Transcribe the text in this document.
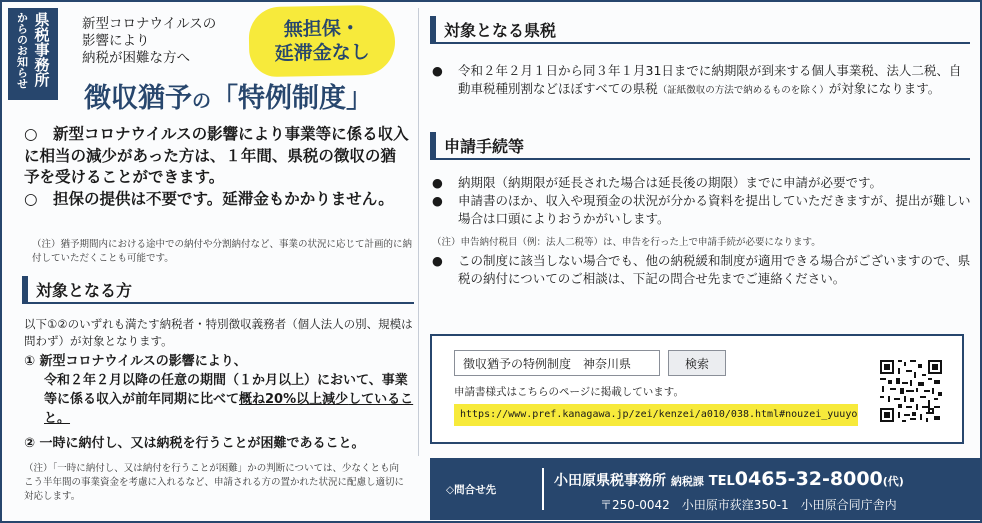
県税事務所
からのお知らせ	新型コロナウイルスの
影響により
納税が困難な方へ
無担保・
延滞金なし
徴収猶予の「特例制度」

○　新型コロナウイルスの影響により事業等に係る収入に相当の減少があった方は、１年間、県税の徴収の猶予を受けることができます。

○　担保の提供は不要です。延滞金もかかりません。

（注）猶予期間内における途中での納付や分割納付など、事業の状況に応じて計画的に納付していただくことも可能です。
対象となる方
以下①②のいずれも満たす納税者・特別徴収義務者（個人法人の別、規模は問わず）が対象となります。
① 新型コロナウイルスの影響により、
令和２年２月以降の任意の期間（１か月以上）において、事業等に係る収入が前年同期に比べて概ね20%以上減少していること。
② 一時に納付し、又は納税を行うことが困難であること。
（注）「一時に納付し、又は納付を行うことが困難」かの判断については、少なくとも向こう半年間の事業資金を考慮に入れるなど、申請される方の置かれた状況に配慮し適切に対応します。
対象となる県税
●	令和２年２月１日から同３年１月31日までに納期限が到来する個人事業税、法人二税、自動車税種別割などほぼすべての県税（証紙徴収の方法で納めるものを除く）が対象になります。
申請手続等
●	納期限（納期限が延長された場合は延長後の期限）までに申請が必要です。
●	申請書のほか、収入や現預金の状況が分かる資料を提出していただきますが、提出が難しい場合は口頭によりおうかがいします。
（注）申告納付税目（例：法人二税等）は、申告を行った上で申請手続が必要になります。
●	この制度に該当しない場合でも、他の納税緩和制度が適用できる場合がございますので、県税の納付についてのご相談は、下記の問合せ先までご連絡ください。
徴収猶予の特例制度　神奈川県
検索
申請書様式はこちらのページに掲載しています。
https://www.pref.kanagawa.jp/zei/kenzei/a010/038.html#nouzei_yuuyo
◇問合せ先
小田原県税事務所 納税課 TEL0465-32-8000(代)
〒250-0042　小田原市荻窪350-1　小田原合同庁舎内
